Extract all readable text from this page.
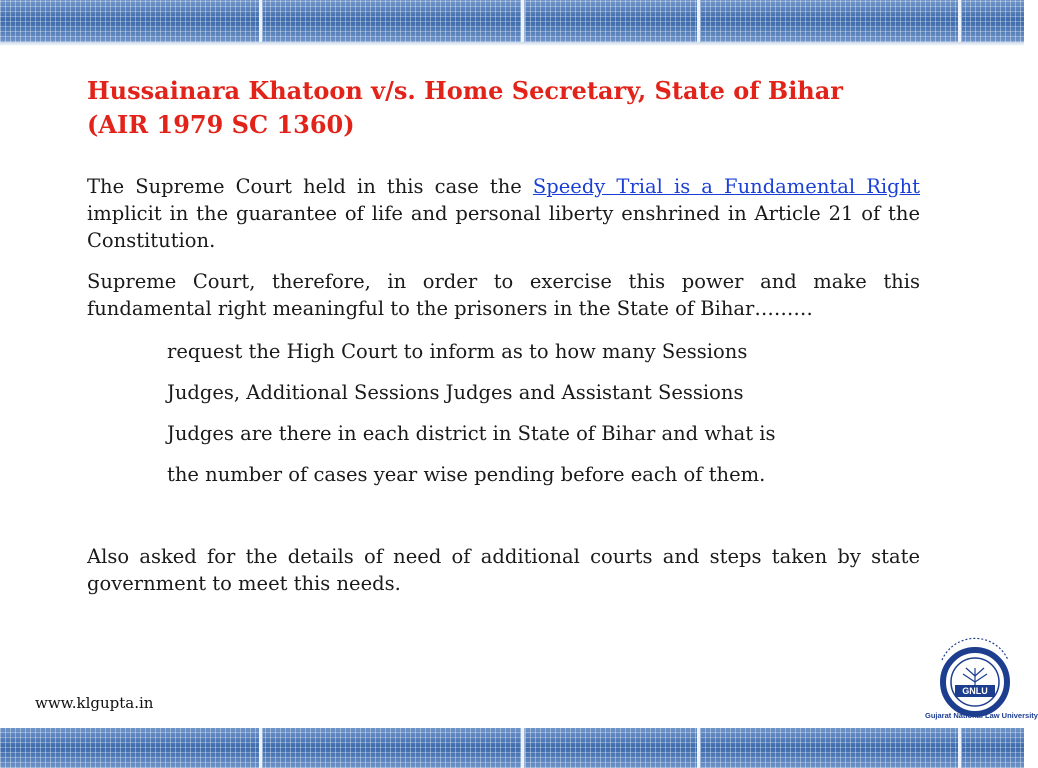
Hussainara Khatoon v/s. Home Secretary, State of Bihar
(AIR 1979 SC 1360)

The Supreme Court held in this case the Speedy Trial is a Fundamental Right implicit in the guarantee of life and personal liberty enshrined in Article 21 of the Constitution.

Supreme Court, therefore, in order to exercise this power and make this fundamental right meaningful to the prisoners in the State of Bihar………

request the High Court to inform as to how many Sessions
Judges, Additional Sessions Judges and Assistant Sessions
Judges are there in each district in State of Bihar and what is
the number of cases year wise pending before each of them.

Also asked for the details of need of additional courts and steps taken by state government to meet this needs.

www.klgupta.in
GNLU
Gujarat National Law University
